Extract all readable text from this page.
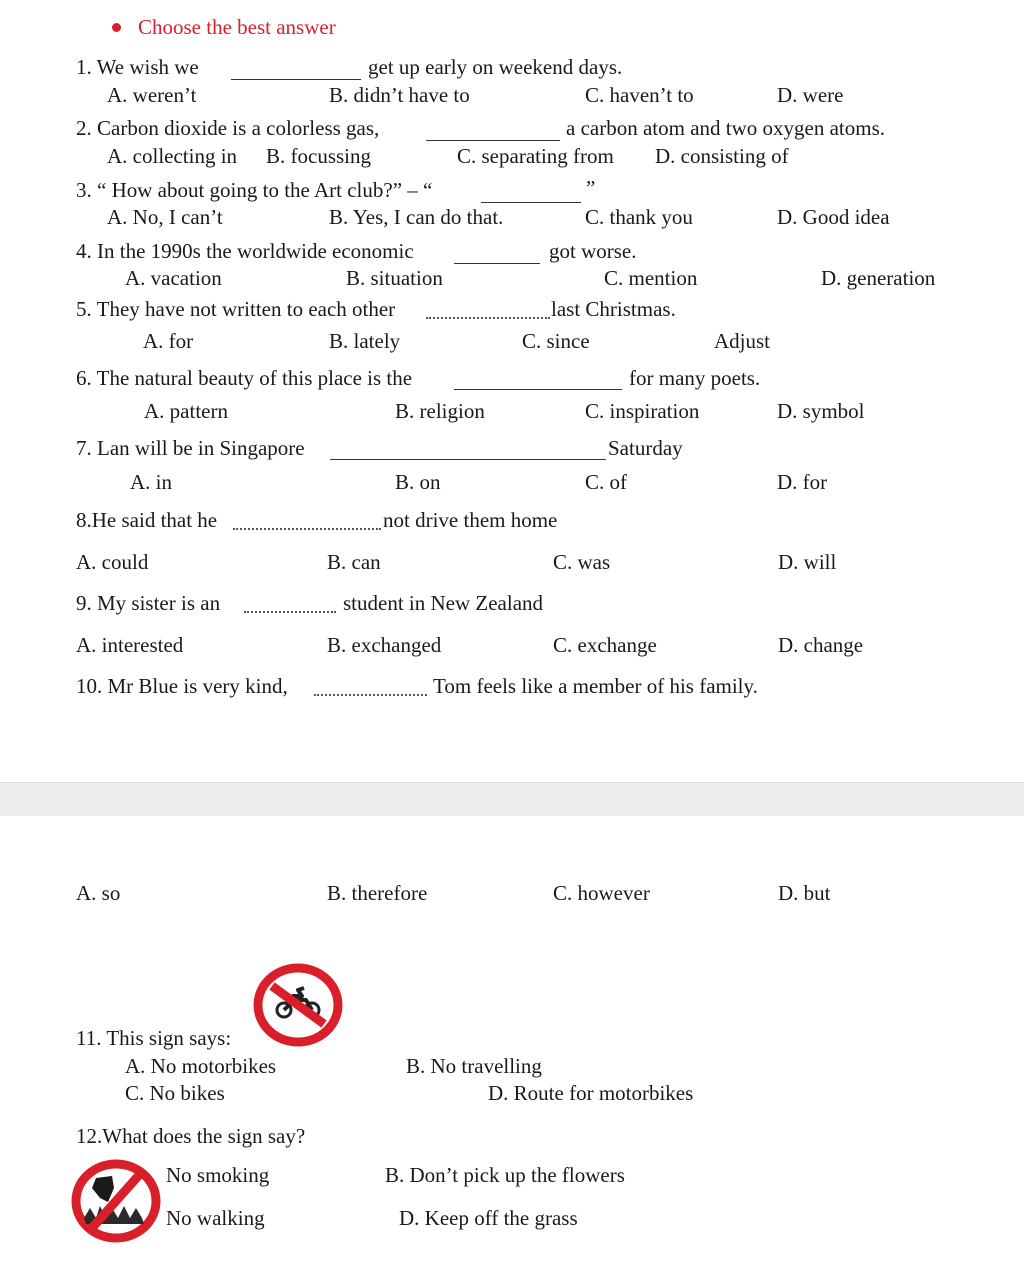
Choose the best answer
1. We wish we	get up early on weekend days.
A. weren’t	B. didn’t have to	C. haven’t to	D. were
2. Carbon dioxide is a colorless gas,	a carbon atom and two oxygen atoms.
A. collecting in B. focussing	C. separating from D. consisting of
3. “ How about going to the Art club?” – “	”
A. No, I can’t	B. Yes, I can do that.	C. thank you	D. Good idea
4. In the 1990s the worldwide economic	got worse.
A. vacation	B. situation	C. mention	D. generation
5. They have not written to each other	last Christmas.
A. for	B. lately	C. since	Adjust
6. The natural beauty of this place is the	for many poets.
A. pattern	B. religion	C. inspiration	D. symbol
7. Lan will be in Singapore	Saturday
A. in	B. on	C. of	D. for
8.He said that he	not drive them home
A. could	B. can	C. was	D. will
9. My sister is an	student in New Zealand
A. interested	B. exchanged	C. exchange	D. change
10. Mr Blue is very kind,	Tom feels like a member of his family.
A. so	B. therefore	C. however	D. but
11. This sign says:
A. No motorbikes	B. No travelling
C. No bikes	D. Route for motorbikes
12.What does the sign say?
No smoking	B. Don’t pick up the flowers
No walking	D. Keep off the grass
